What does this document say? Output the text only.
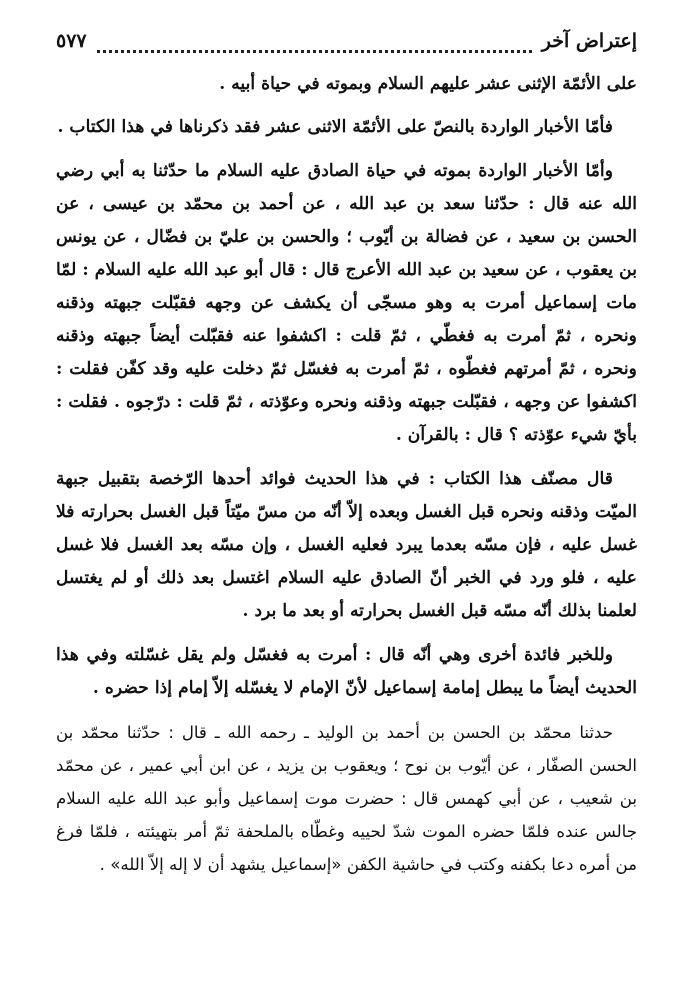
إعتراض آخر
٥٧٧

على الأئمّة الإثنى عشر عليهم السلام وبموته في حياة أبيه .

فأمّا الأخبار الواردة بالنصّ على الأئمّة الاثنى عشر فقد ذكرناها في هذا الكتاب .

وأمّا الأخبار الواردة بموته في حياة الصادق عليه السلام ما حدّثنا به أبي رضي الله عنه قال : حدّثنا سعد بن عبد الله ، عن أحمد بن محمّد بن عيسى ، عن الحسن بن سعيد ، عن فضالة بن أيّوب ؛ والحسن بن عليّ بن فضّال ، عن يونس بن يعقوب ، عن سعيد بن عبد الله الأعرج قال : قال أبو عبد الله عليه السلام : لمّا مات إسماعيل أمرت به وهو مسجّى أن يكشف عن وجهه فقبّلت جبهته وذقنه ونحره ، ثمّ أمرت به فغطّي ، ثمّ قلت : اكشفوا عنه فقبّلت أيضاً جبهته وذقنه ونحره ، ثمّ أمرتهم فغطّوه ، ثمّ أمرت به فغسّل ثمّ دخلت عليه وقد كفّن فقلت : اكشفوا عن وجهه ، فقبّلت جبهته وذقنه ونحره وعوّذته ، ثمّ قلت : درّجوه . فقلت : بأيّ شيء عوّذته ؟ قال : بالقرآن .

قال مصنّف هذا الكتاب : في هذا الحديث فوائد أحدها الرّخصة بتقبيل جبهة الميّت وذقنه ونحره قبل الغسل وبعده إلاّ أنّه من مسّ ميّتاً قبل الغسل بحرارته فلا غسل عليه ، فإن مسّه بعدما يبرد فعليه الغسل ، وإن مسّه بعد الغسل فلا غسل عليه ، فلو ورد في الخبر أنّ الصادق عليه السلام اغتسل بعد ذلك أو لم يغتسل لعلمنا بذلك أنّه مسّه قبل الغسل بحرارته أو بعد ما برد .

وللخبر فائدة أخرى وهي أنّه قال : أمرت به فغسّل ولم يقل غسّلته وفي هذا الحديث أيضاً ما يبطل إمامة إسماعيل لأنّ الإمام لا يغسّله إلاّ إمام إذا حضره .

حدثنا محمّد بن الحسن بن أحمد بن الوليد ـ رحمه الله ـ قال : حدّثنا محمّد بن الحسن الصفّار ، عن أيّوب بن نوح ؛ ويعقوب بن يزيد ، عن ابن أبي عمير ، عن محمّد بن شعيب ، عن أبي كهمس قال : حضرت موت إسماعيل وأبو عبد الله عليه السلام جالس عنده فلمّا حضره الموت شدّ لحييه وغطّاه بالملحفة ثمّ أمر بتهيئته ، فلمّا فرغ من أمره دعا بكفنه وكتب في حاشية الكفن «إسماعيل يشهد أن لا إله إلاّ الله» .
